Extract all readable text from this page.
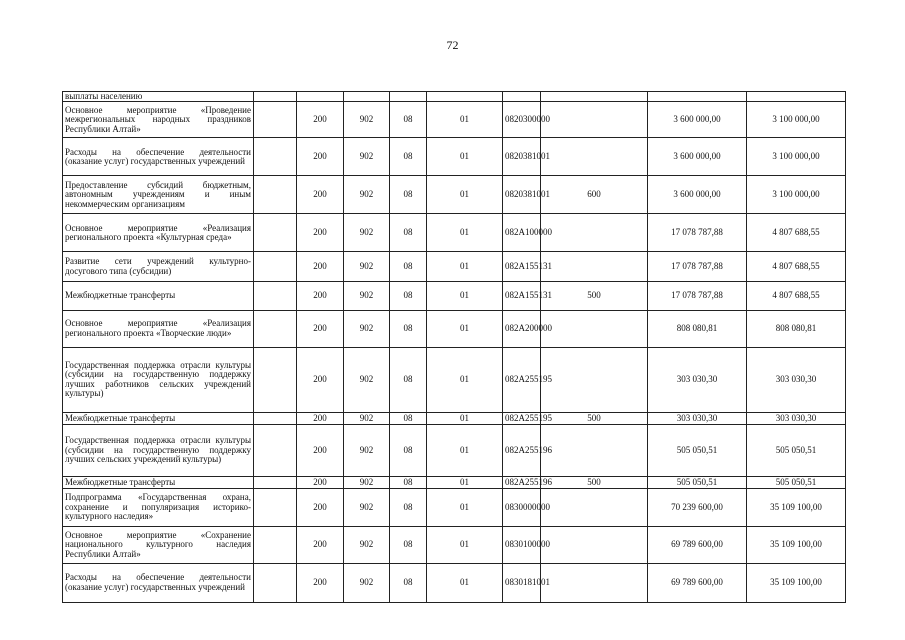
72
выплаты населению										
Основное мероприятие «Проведение межрегиональных народных праздников Республики Алтай»		200	902	08	01	0820300000		3 600 000,00	3 100 000,00	
Расходы на обеспечение деятельности (оказание услуг) государственных учреждений		200	902	08	01	0820381001		3 600 000,00	3 100 000,00	
Предоставление субсидий бюджетным, автономным учреждениям и иным некоммерческим организациям		200	902	08	01	0820381001	600	3 600 000,00	3 100 000,00	
Основное мероприятие «Реализация регионального проекта «Культурная среда»		200	902	08	01	082A100000		17 078 787,88	4 807 688,55	
Развитие сети учреждений культурно-досугового типа (субсидии)		200	902	08	01	082A155131		17 078 787,88	4 807 688,55	
Межбюджетные трансферты		200	902	08	01	082A155131	500	17 078 787,88	4 807 688,55	
Основное мероприятие «Реализация регионального проекта «Творческие люди»		200	902	08	01	082A200000		808 080,81	808 080,81	
Государственная поддержка отрасли культуры (субсидии на государственную поддержку лучших работников сельских учреждений культуры)		200	902	08	01	082A255195		303 030,30	303 030,30	
Межбюджетные трансферты		200	902	08	01	082A255195	500	303 030,30	303 030,30	
Государственная поддержка отрасли культуры (субсидии на государственную поддержку лучших сельских учреждений культуры)		200	902	08	01	082A255196		505 050,51	505 050,51	
Межбюджетные трансферты		200	902	08	01	082A255196	500	505 050,51	505 050,51	
Подпрограмма «Государственная охрана, сохранение и популяризация историко-культурного наследия»		200	902	08	01	0830000000		70 239 600,00	35 109 100,00	
Основное мероприятие «Сохранение национального культурного наследия Республики Алтай»		200	902	08	01	0830100000		69 789 600,00	35 109 100,00	
Расходы на обеспечение деятельности (оказание услуг) государственных учреждений		200	902	08	01	0830181001		69 789 600,00	35 109 100,00	
